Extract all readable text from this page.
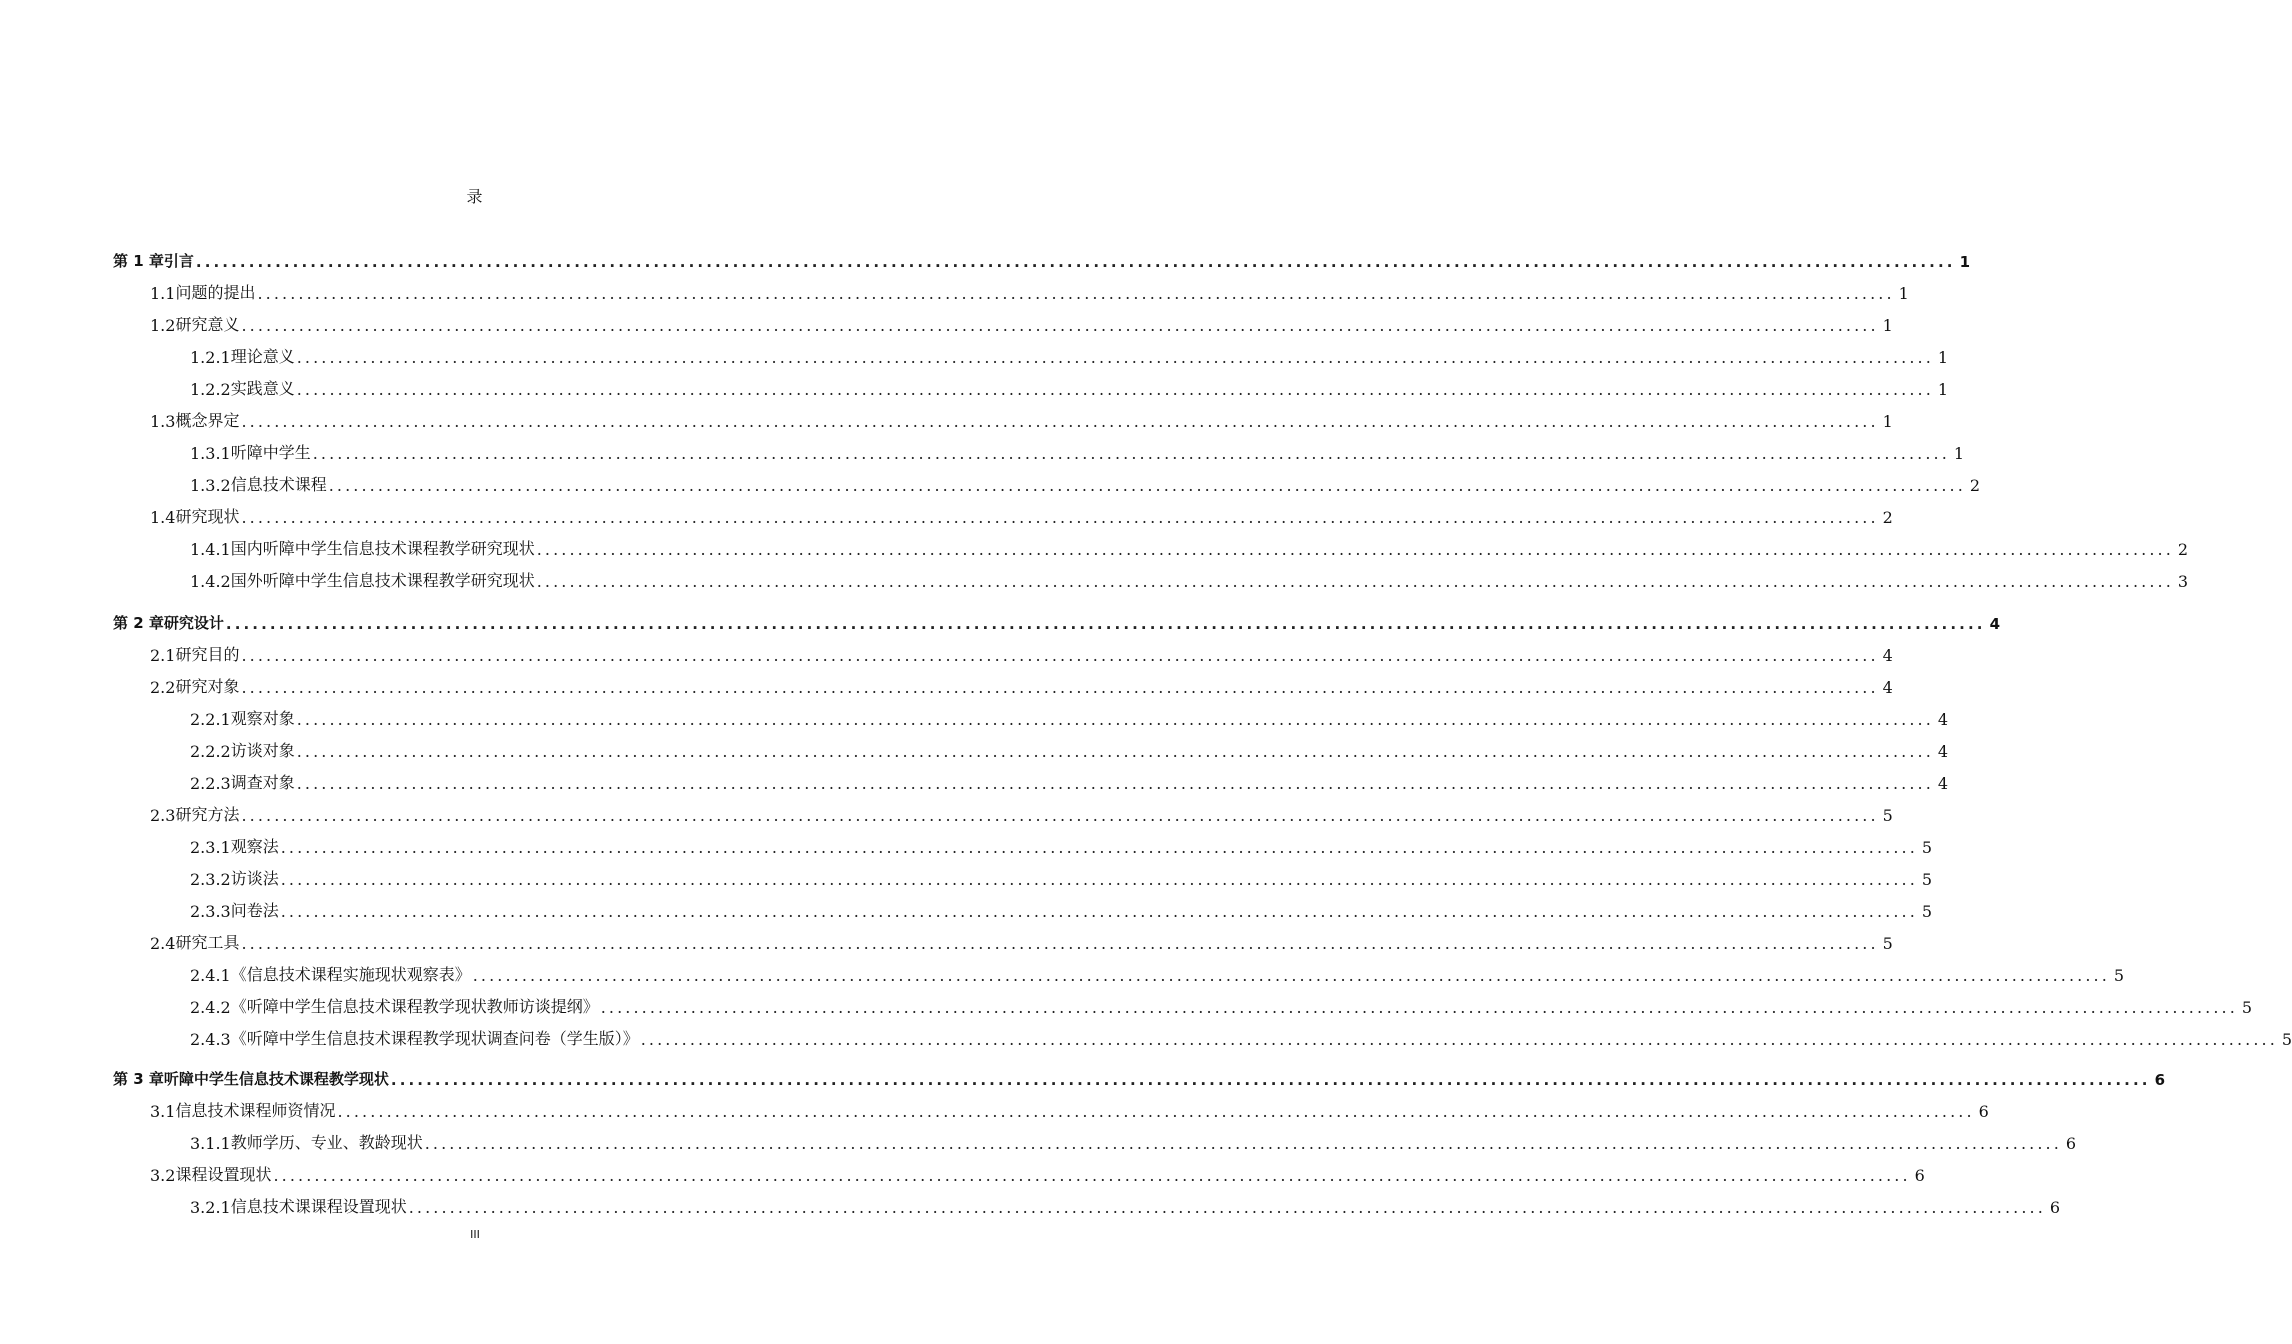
录
第 1 章 引言 ........................................................................................................................................................................................................ 1
1.1 问题的提出 ........................................................................................................................................................................................................ 1
1.2 研究意义 ........................................................................................................................................................................................................ 1
1.2.1 理论意义 ........................................................................................................................................................................................................ 1
1.2.2 实践意义 ........................................................................................................................................................................................................ 1
1.3 概念界定 ........................................................................................................................................................................................................ 1
1.3.1 听障中学生 ........................................................................................................................................................................................................ 1
1.3.2 信息技术课程 ........................................................................................................................................................................................................ 2
1.4 研究现状 ........................................................................................................................................................................................................ 2
1.4.1 国内听障中学生信息技术课程教学研究现状 ........................................................................................................................................................................................................ 2
1.4.2 国外听障中学生信息技术课程教学研究现状 ........................................................................................................................................................................................................ 3
第 2 章 研究设计 ........................................................................................................................................................................................................ 4
2.1 研究目的 ........................................................................................................................................................................................................ 4
2.2 研究对象 ........................................................................................................................................................................................................ 4
2.2.1 观察对象 ........................................................................................................................................................................................................ 4
2.2.2 访谈对象 ........................................................................................................................................................................................................ 4
2.2.3 调查对象 ........................................................................................................................................................................................................ 4
2.3 研究方法 ........................................................................................................................................................................................................ 5
2.3.1 观察法 ........................................................................................................................................................................................................ 5
2.3.2 访谈法 ........................................................................................................................................................................................................ 5
2.3.3 问卷法 ........................................................................................................................................................................................................ 5
2.4 研究工具 ........................................................................................................................................................................................................ 5
2.4.1 《信息技术课程实施现状观察表》 ........................................................................................................................................................................................................ 5
2.4.2 《听障中学生信息技术课程教学现状教师访谈提纲》 ........................................................................................................................................................................................................ 5
2.4.3 《听障中学生信息技术课程教学现状调查问卷（学生版）》 ........................................................................................................................................................................................................ 5
第 3 章 听障中学生信息技术课程教学现状 ........................................................................................................................................................................................................ 6
3.1 信息技术课程师资情况 ........................................................................................................................................................................................................ 6
3.1.1 教师学历、专业、教龄现状 ........................................................................................................................................................................................................ 6
3.2 课程设置现状 ........................................................................................................................................................................................................ 6
3.2.1 信息技术课课程设置现状 ........................................................................................................................................................................................................ 6
III
